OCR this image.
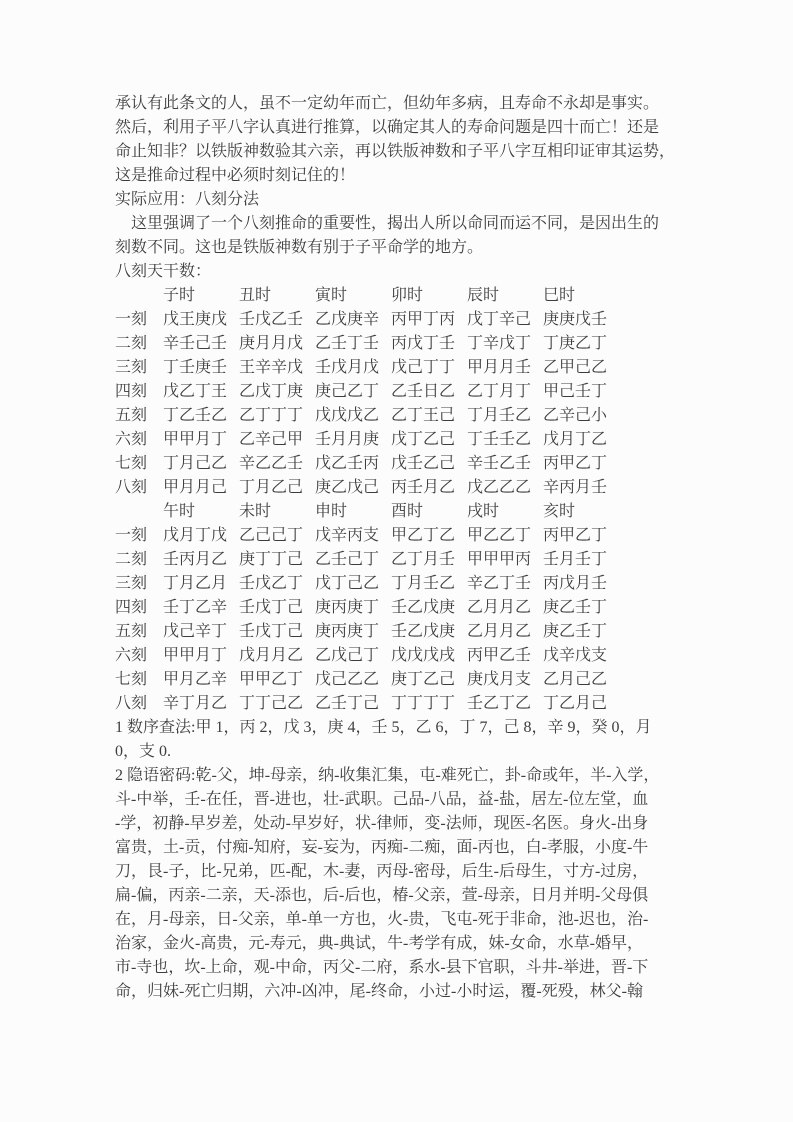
承认有此条文的人，虽不一定幼年而亡，但幼年多病，且寿命不永却是事实。
然后，利用子平八字认真进行推算，以确定其人的寿命问题是四十而亡！还是
命止知非？以铁版神数验其六亲，再以铁版神数和子平八字互相印证审其运势，
这是推命过程中必须时刻记住的！
实际应用：八刻分法
　这里强调了一个八刻推命的重要性，揭出人所以命同而运不同，是因出生的
刻数不同。这也是铁版神数有别于子平命学的地方。
八刻天干数：
子时	丑时	寅时	卯时	辰时	巳时
一刻 戊王庚戊 壬戊乙壬 乙戊庚辛 丙甲丁丙 戊丁辛己 庚庚戊壬
二刻 辛壬己壬 庚月月戊 乙壬丁壬 丙戊丁壬 丁辛戊丁 丁庚乙丁
三刻 丁壬庚壬 王辛辛戊 壬戊月戊 戊己丁丁 甲月月壬 乙甲己乙
四刻 戊乙丁王 乙戊丁庚 庚己乙丁 乙壬日乙 乙丁月丁 甲己壬丁
五刻 丁乙壬乙 乙丁丁丁 戊戊戊乙 乙丁王己 丁月壬乙 乙辛己小
六刻 甲甲月丁 乙辛己甲 壬月月庚 戊丁乙己 丁壬壬乙 戊月丁乙
七刻 丁月己乙 辛乙乙壬 戊乙壬丙 戊壬乙己 辛壬乙壬 丙甲乙丁
八刻 甲月月己 丁月乙己 庚乙戊己 丙壬月乙 戊乙乙乙 辛丙月壬
午时	未时	申时	酉时	戌时	亥时
一刻 戊月丁戊 乙己己丁 戊辛丙支 甲乙丁乙 甲乙乙丁 丙甲乙丁
二刻 壬丙月乙 庚丁丁己 乙壬己丁 乙丁月壬 甲甲甲丙 壬月壬丁
三刻 丁月乙月 壬戊乙丁 戊丁己乙 丁月壬乙 辛乙丁壬 丙戊月壬
四刻 壬丁乙辛 壬戊丁己 庚丙庚丁 壬乙戊庚 乙月月乙 庚乙壬丁
五刻 戊己辛丁 壬戊丁己 庚丙庚丁 壬乙戊庚 乙月月乙 庚乙壬丁
六刻 甲甲月丁 戊月月乙 乙戊己丁 戊戊戊戌 丙甲乙壬 戊辛戊支
七刻 甲月乙辛 甲甲乙丁 戊己乙乙 庚丁乙己 庚戊月支 乙月己乙
八刻 辛丁月乙 丁丁己乙 乙壬丁己 丁丁丁丁 壬乙丁乙 丁乙月己
1 数序查法:甲 1，丙 2，戊 3，庚 4，壬 5，乙 6，丁 7，己 8，辛 9，癸 0，月
0，支 0.
2 隐语密码:乾-父，坤-母亲，纳-收集汇集，屯-难死亡，卦-命或年，半-入学，
斗-中举，壬-在任，晋-进也，壮-武职。己品-八品，益-盐，居左-位左堂，血
-学，初静-早岁差，处动-早岁好，状-律师，变-法师，现医-名医。身火-出身
富贵，土-贡，付痴-知府，妄-妄为，丙痴-二痴，面-丙也，白-孝服，小度-牛
刀，艮-子，比-兄弟，匹-配，木-妻，丙母-密母，后生-后母生，寸方-过房，
扁-偏，丙亲-二亲，天-添也，后-后也，椿-父亲，萱-母亲，日月并明-父母俱
在，月-母亲，日-父亲，单-单一方也，火-贵，飞屯-死于非命，池-迟也，治-
治家，金火-高贵，元-寿元，典-典试，牛-考学有成，妹-女命，水草-婚早，
市-寺也，坎-上命，观-中命，丙父-二府，系水-县下官职，斗井-举进，晋-下
命，归妹-死亡归期，六冲-凶冲，尾-终命，小过-小时运，覆-死殁，林父-翰
